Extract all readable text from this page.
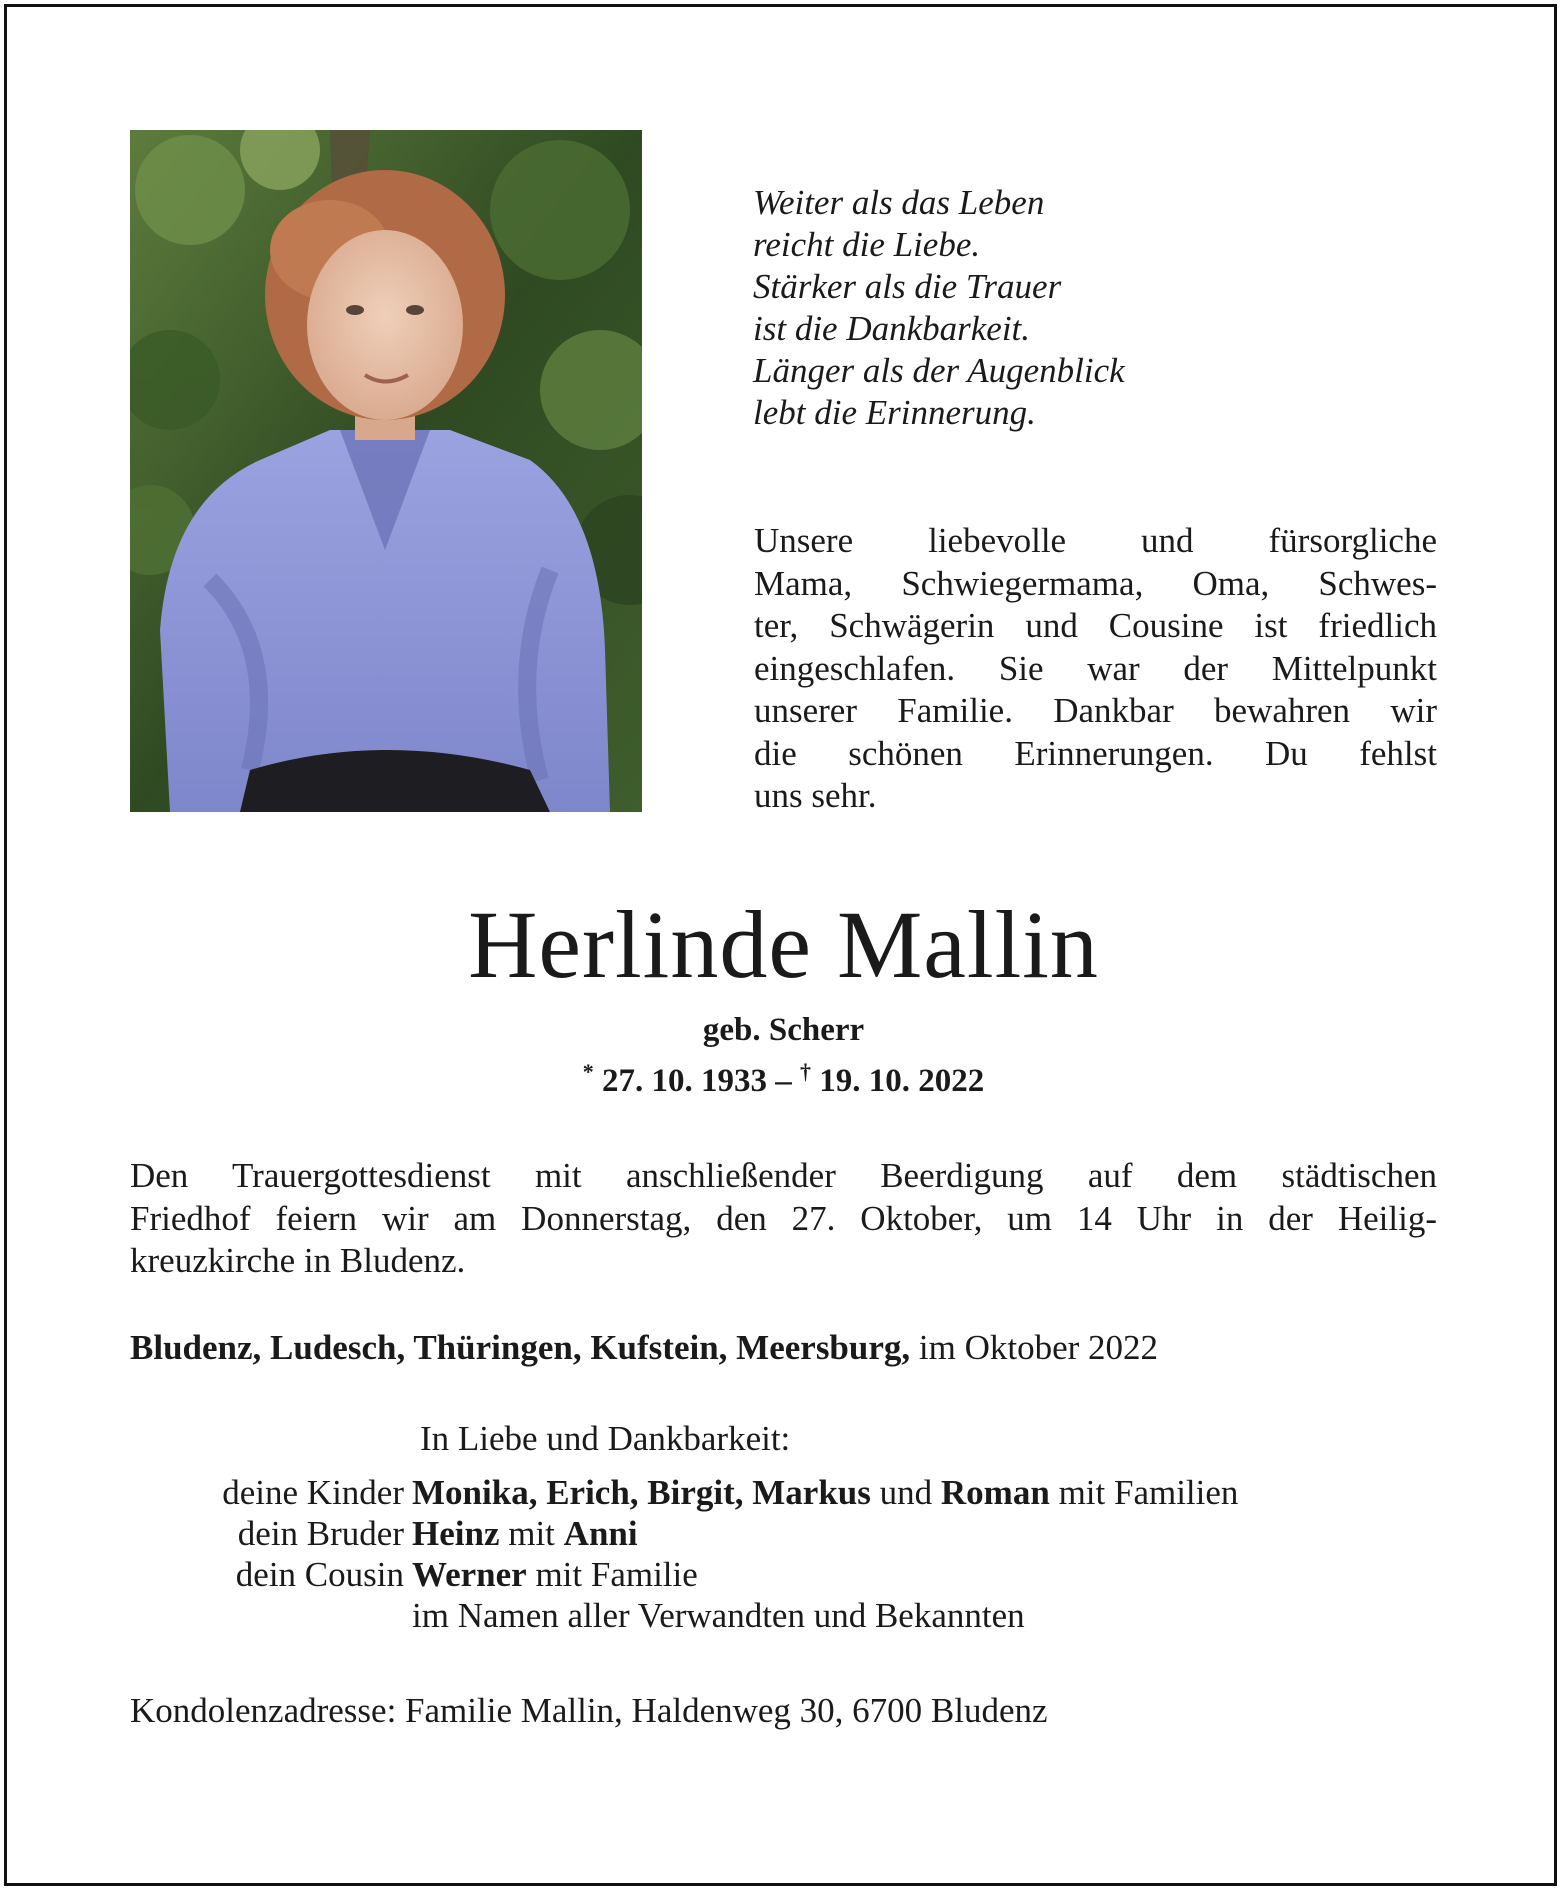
Weiter als das Leben
reicht die Liebe.
Stärker als die Trauer
ist die Dankbarkeit.
Länger als der Augenblick
lebt die Erinnerung.
Unsere liebevolle und fürsorgliche
Mama, Schwiegermama, Oma, Schwes-
ter, Schwägerin und Cousine ist friedlich
eingeschlafen. Sie war der Mittelpunkt
unserer Familie. Dankbar bewahren wir
die schönen Erinnerungen. Du fehlst
uns sehr.
Herlinde Mallin
geb. Scherr
* 27. 10. 1933 – † 19. 10. 2022
Den Trauergottesdienst mit anschließender Beerdigung auf dem städtischen
Friedhof feiern wir am Donnerstag, den 27. Oktober, um 14 Uhr in der Heilig-
kreuzkirche in Bludenz.
Bludenz, Ludesch, Thüringen, Kufstein, Meersburg, im Oktober 2022
In Liebe und Dankbarkeit:
deine Kinder Monika, Erich, Birgit, Markus und Roman mit Familien
dein Bruder Heinz mit Anni
dein Cousin Werner mit Familie
im Namen aller Verwandten und Bekannten
Kondolenzadresse: Familie Mallin, Haldenweg 30, 6700 Bludenz
